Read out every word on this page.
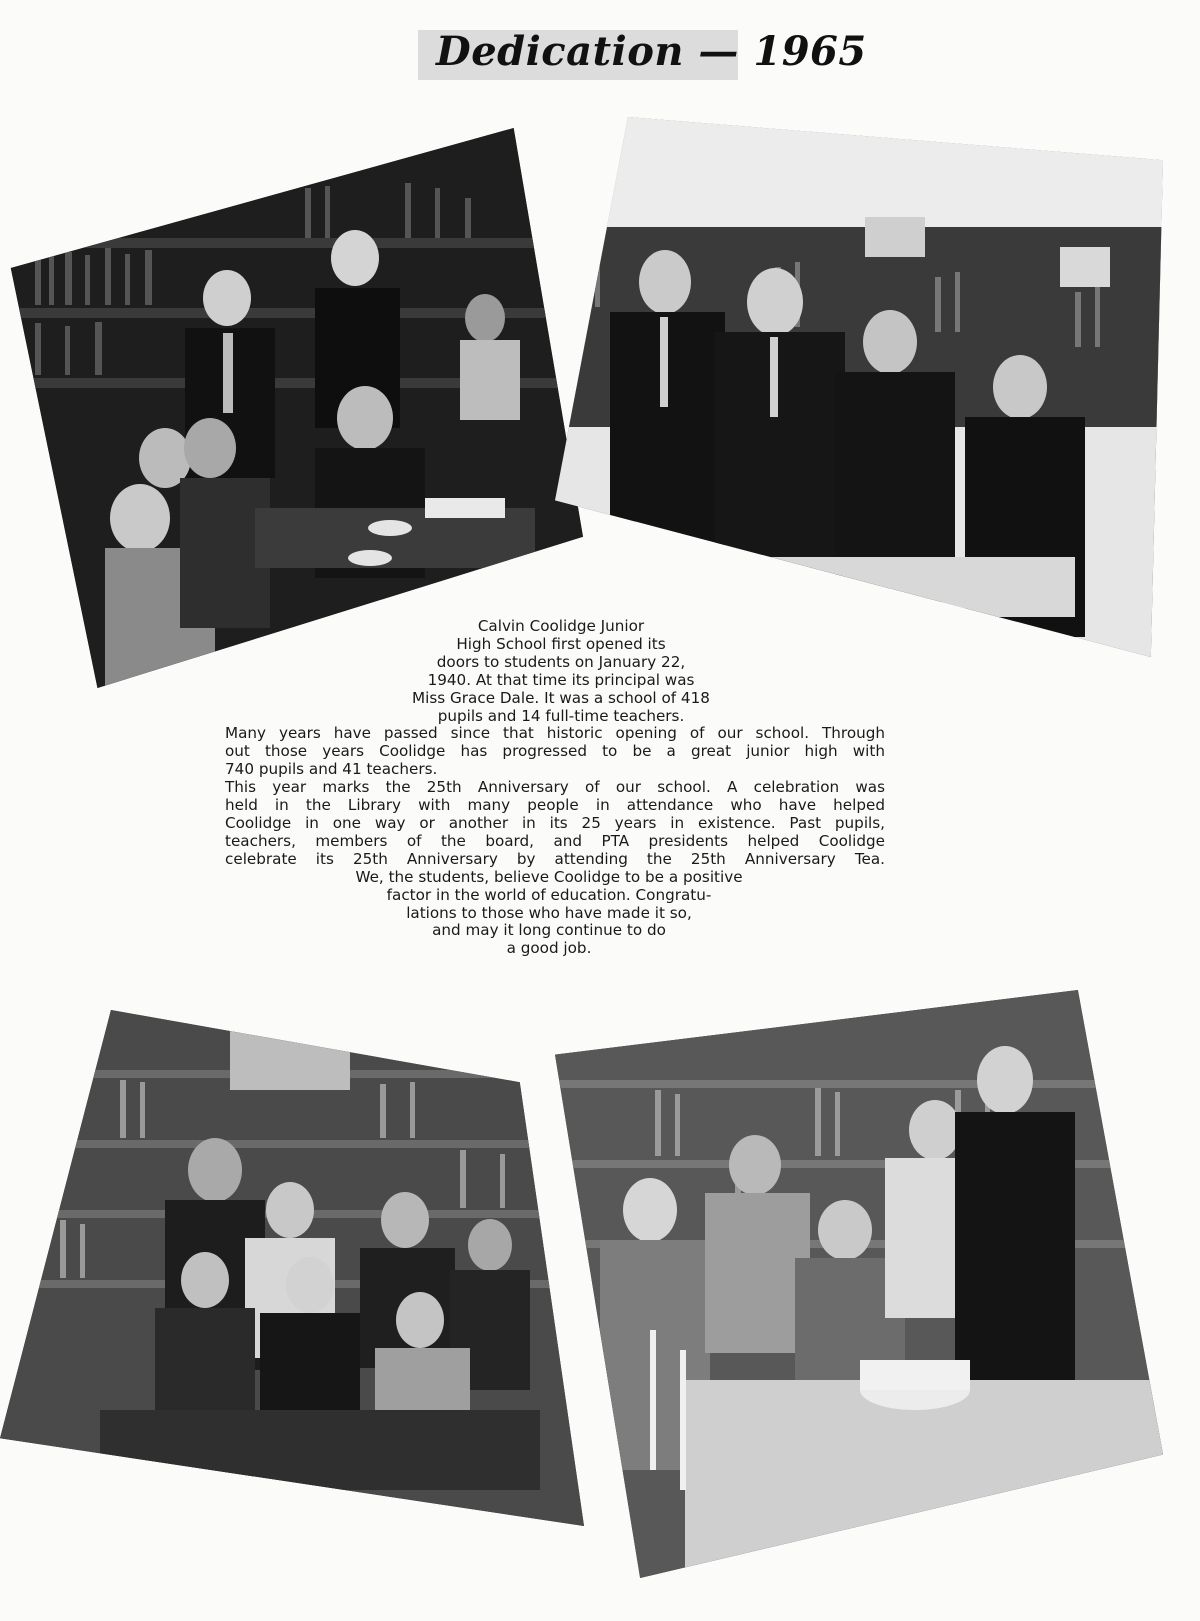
Dedication — 1965
Calvin Coolidge Junior
High School first opened its
doors to students on January 22,
1940. At that time its principal was
Miss Grace Dale. It was a school of 418
pupils and 14 full-time teachers.
Many years have passed since that historic opening of our school. Through
out those years Coolidge has progressed to be a great junior high with
740 pupils and 41 teachers.
This year marks the 25th Anniversary of our school. A celebration was
held in the Library with many people in attendance who have helped
Coolidge in one way or another in its 25 years in existence. Past pupils,
teachers, members of the board, and PTA presidents helped Coolidge
celebrate its 25th Anniversary by attending the 25th Anniversary Tea.
We, the students, believe Coolidge to be a positive
factor in the world of education. Congratu-
lations to those who have made it so,
and may it long continue to do
a good job.
